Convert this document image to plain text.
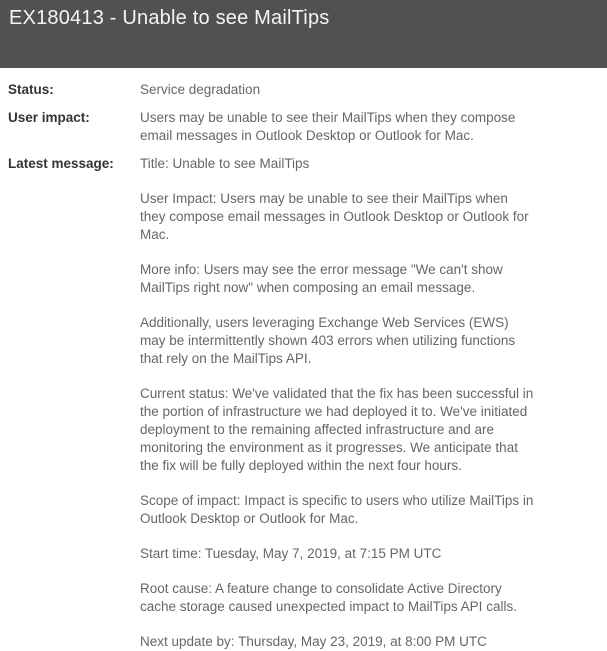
EX180413 - Unable to see MailTips
Status:	Service degradation
User impact:	Users may be unable to see their MailTips when they compose email messages in Outlook Desktop or Outlook for Mac.
Latest message:	Title: Unable to see MailTips

User Impact: Users may be unable to see their MailTips when they compose email messages in Outlook Desktop or Outlook for Mac.

More info: Users may see the error message "We can't show MailTips right now" when composing an email message.

Additionally, users leveraging Exchange Web Services (EWS) may be intermittently shown 403 errors when utilizing functions that rely on the MailTips API.

Current status: We've validated that the fix has been successful in the portion of infrastructure we had deployed it to. We've initiated deployment to the remaining affected infrastructure and are monitoring the environment as it progresses. We anticipate that the fix will be fully deployed within the next four hours.

Scope of impact: Impact is specific to users who utilize MailTips in Outlook Desktop or Outlook for Mac.

Start time: Tuesday, May 7, 2019, at 7:15 PM UTC

Root cause: A feature change to consolidate Active Directory cache storage caused unexpected impact to MailTips API calls.

Next update by: Thursday, May 23, 2019, at 8:00 PM UTC
